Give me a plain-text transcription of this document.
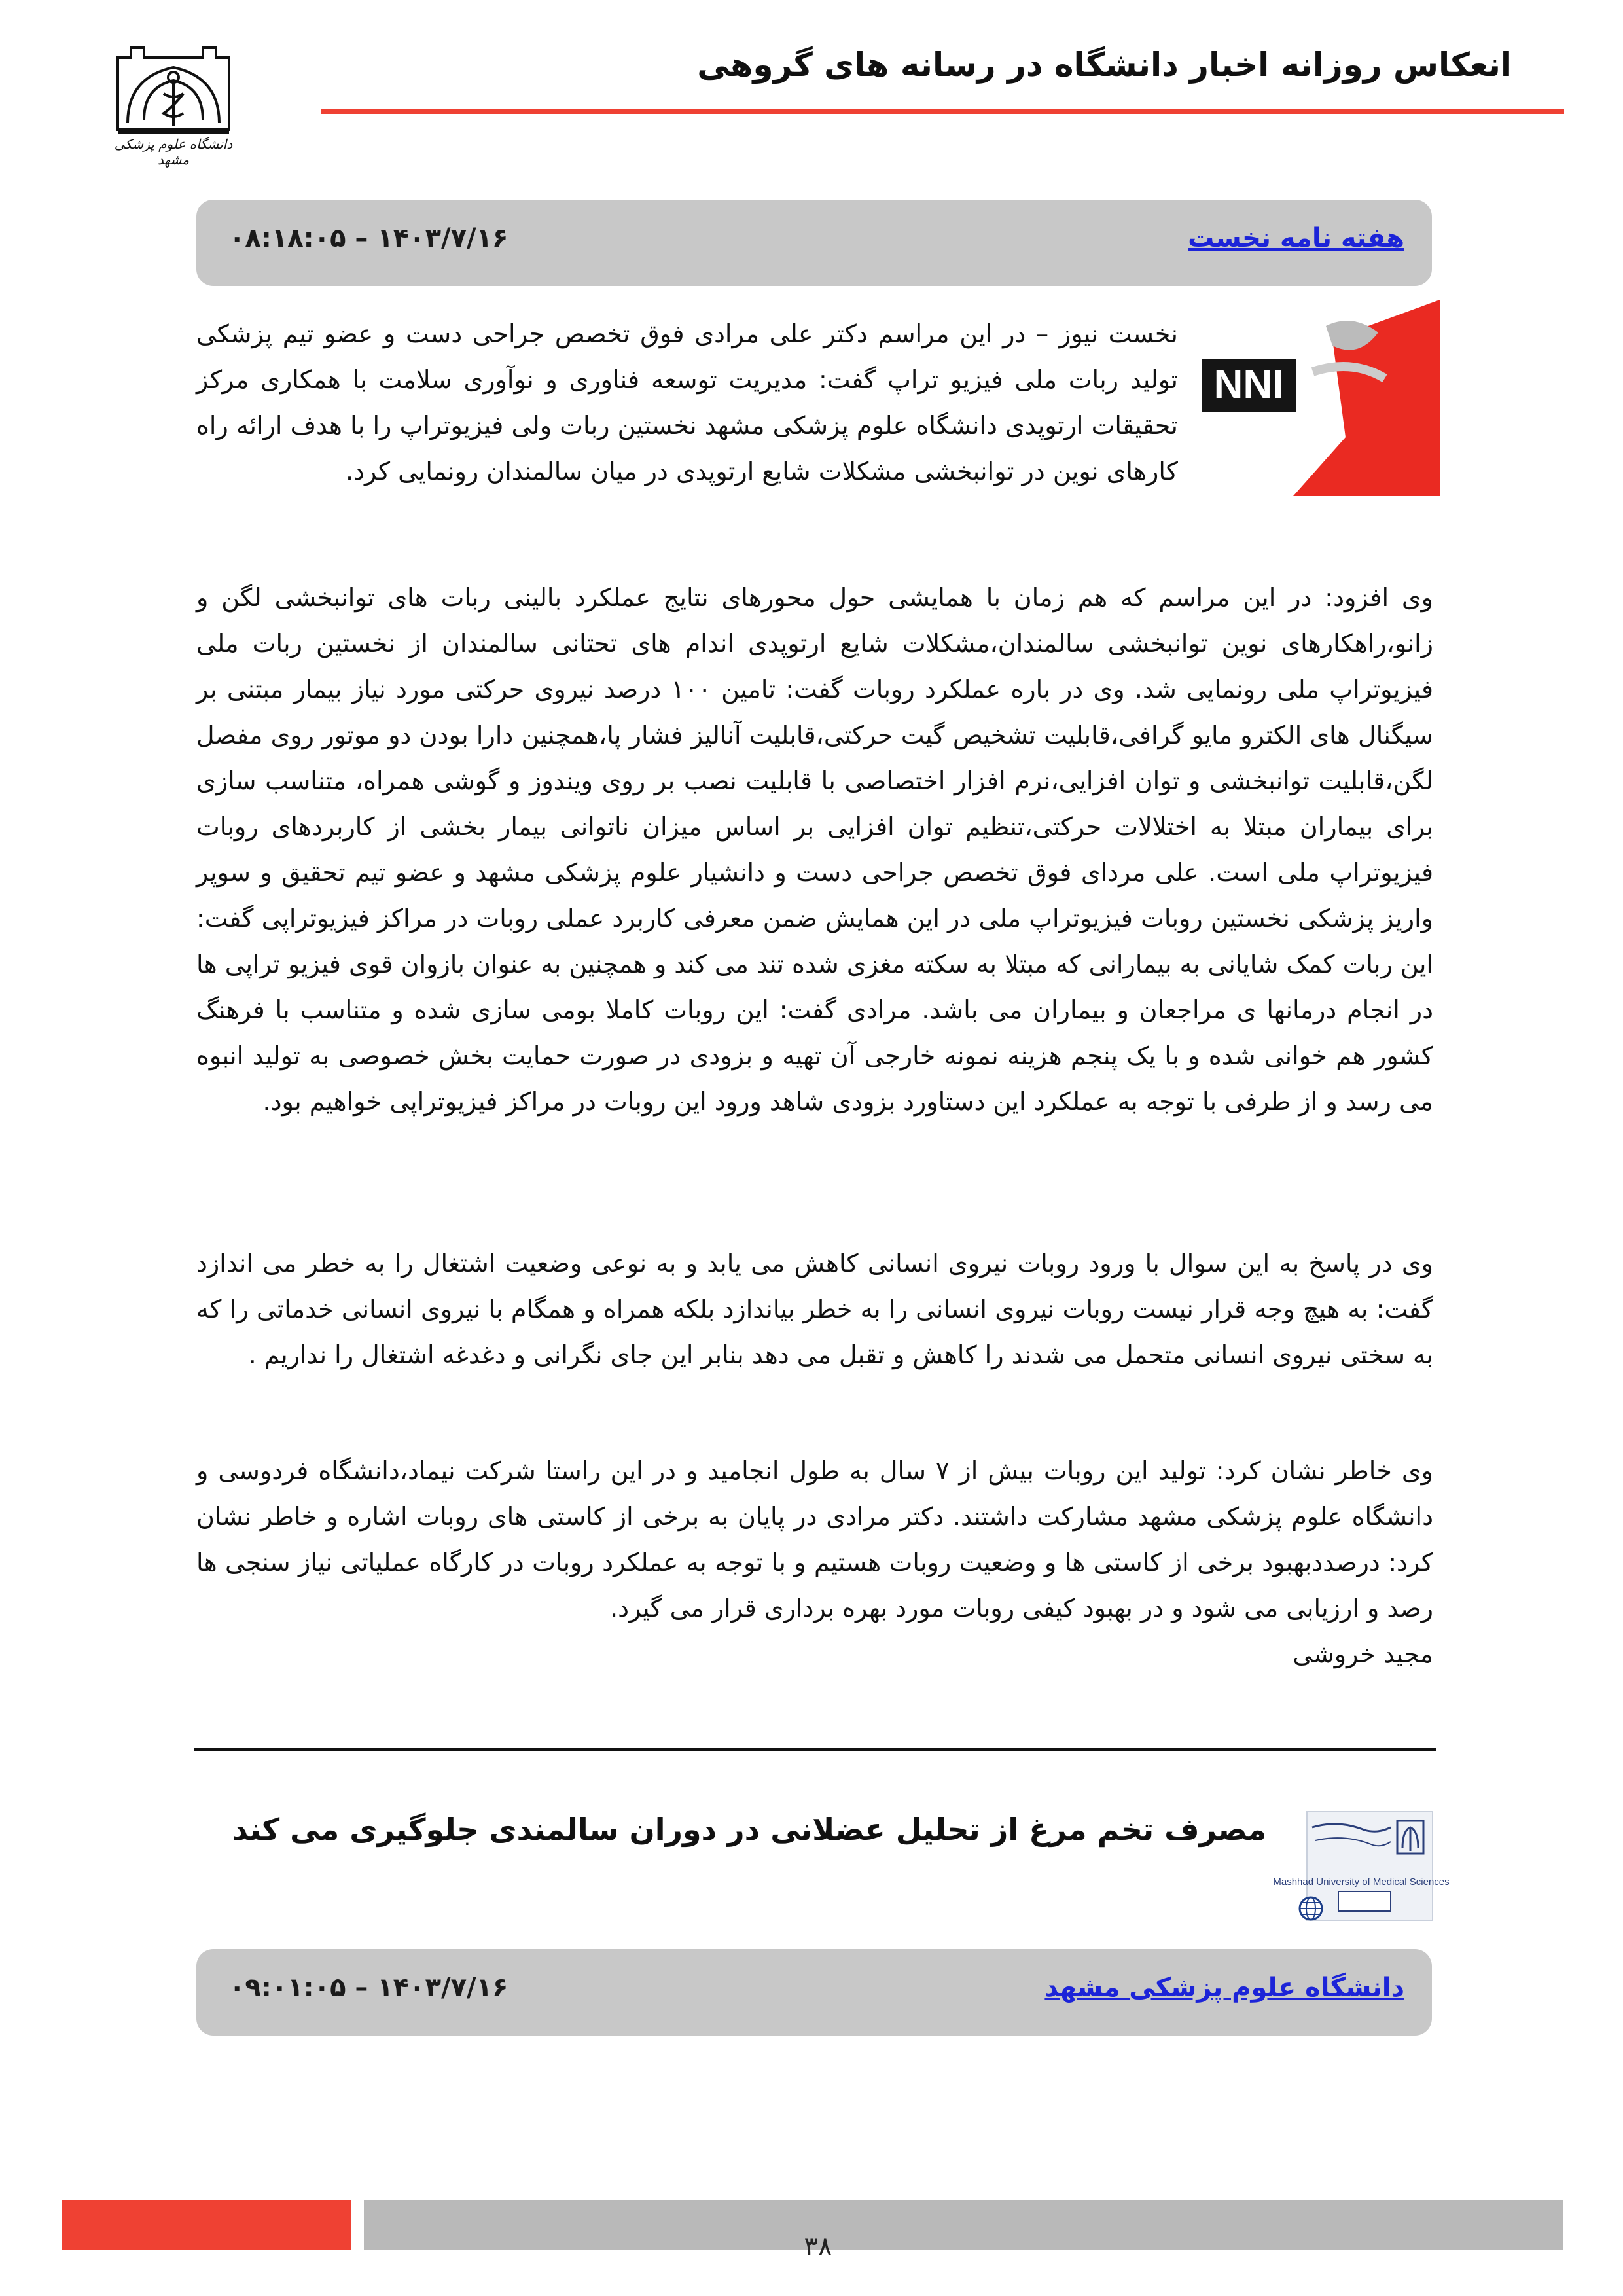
دانشگاه علوم پزشکی مشهد
انعکاس روزانه اخبار دانشگاه در رسانه های گروهی
هفته نامه نخست
۱۴۰۳/۷/۱۶ – ۰۸:۱۸:۰۵
NNI
نخست نیوز – در این مراسم دکتر علی مرادی فوق تخصص جراحی دست و عضو تیم پزشکی تولید ربات ملی فیزیو تراپ گفت: مدیریت توسعه فناوری و نوآوری سلامت با همکاری مرکز تحقیقات ارتوپدی دانشگاه علوم پزشکی مشهد نخستین ربات ولی فیزیوتراپ را با هدف ارائه راه کارهای نوین در توانبخشی مشکلات شایع ارتوپدی در میان سالمندان رونمایی کرد.
وی افزود: در این مراسم که هم زمان با همایشی حول محورهای نتایج عملکرد بالینی ربات های توانبخشی لگن و زانو،راهکارهای نوین توانبخشی سالمندان،مشکلات شایع ارتوپدی اندام های تحتانی سالمندان از نخستین ربات ملی فیزیوتراپ ملی رونمایی شد. وی در باره عملکرد روبات گفت: تامین ۱۰۰ درصد نیروی حرکتی مورد نیاز بیمار مبتنی بر سیگنال های الکترو مایو گرافی،قابلیت تشخیص گیت حرکتی،قابلیت آنالیز فشار پا،همچنین دارا بودن دو موتور روی مفصل لگن،قابلیت توانبخشی و توان افزایی،نرم افزار اختصاصی با قابلیت نصب بر روی ویندوز و گوشی همراه، متناسب سازی برای بیماران مبتلا به اختلالات حرکتی،تنظیم توان افزایی بر اساس میزان ناتوانی بیمار بخشی از کاربردهای روبات فیزیوتراپ ملی است. علی مردای فوق تخصص جراحی دست و دانشیار علوم پزشکی مشهد و عضو تیم تحقیق و سوپر واریز پزشکی نخستین روبات فیزیوتراپ ملی در این همایش ضمن معرفی کاربرد عملی روبات در مراکز فیزیوتراپی گفت: این ربات کمک شایانی به بیمارانی که مبتلا به سکته مغزی شده تند می کند و همچنین به عنوان بازوان قوی فیزیو تراپی ها در انجام درمانها ی مراجعان و بیماران می باشد. مرادی گفت: این روبات کاملا بومی سازی شده و متناسب با فرهنگ کشور هم خوانی شده و با یک پنجم هزینه نمونه خارجی آن تهیه و بزودی در صورت حمایت بخش خصوصی به تولید انبوه می رسد و از طرفی با توجه به عملکرد این دستاورد بزودی شاهد ورود این روبات در مراکز فیزیوتراپی خواهیم بود.
وی در پاسخ به این سوال با ورود روبات نیروی انسانی کاهش می یابد و به نوعی وضعیت اشتغال را به خطر می اندازد گفت: به هیچ وجه قرار نیست روبات نیروی انسانی را به خطر بیاندازد بلکه همراه و همگام با نیروی انسانی خدماتی را که به سختی نیروی انسانی متحمل می شدند را کاهش و تقبل می دهد بنابر این جای نگرانی و دغدغه اشتغال را نداریم .
وی خاطر نشان کرد: تولید این روبات بیش از ۷ سال به طول انجامید و در این راستا شرکت نیماد،دانشگاه فردوسی و دانشگاه علوم پزشکی مشهد مشارکت داشتند. دکتر مرادی در پایان به برخی از کاستی های روبات اشاره و خاطر نشان کرد: درصددبهبود برخی از کاستی ها و وضعیت روبات هستیم و با توجه به عملکرد روبات در کارگاه عملیاتی نیاز سنجی ها رصد و ارزیابی می شود و در بهبود کیفی روبات مورد بهره برداری قرار می گیرد.
مجید خروشی
Mashhad University of Medical Sciences
مصرف تخم مرغ از تحلیل عضلانی در دوران سالمندی جلوگیری می کند
دانشگاه علوم پزشکی مشهد
۱۴۰۳/۷/۱۶ – ۰۹:۰۱:۰۵
۳۸
